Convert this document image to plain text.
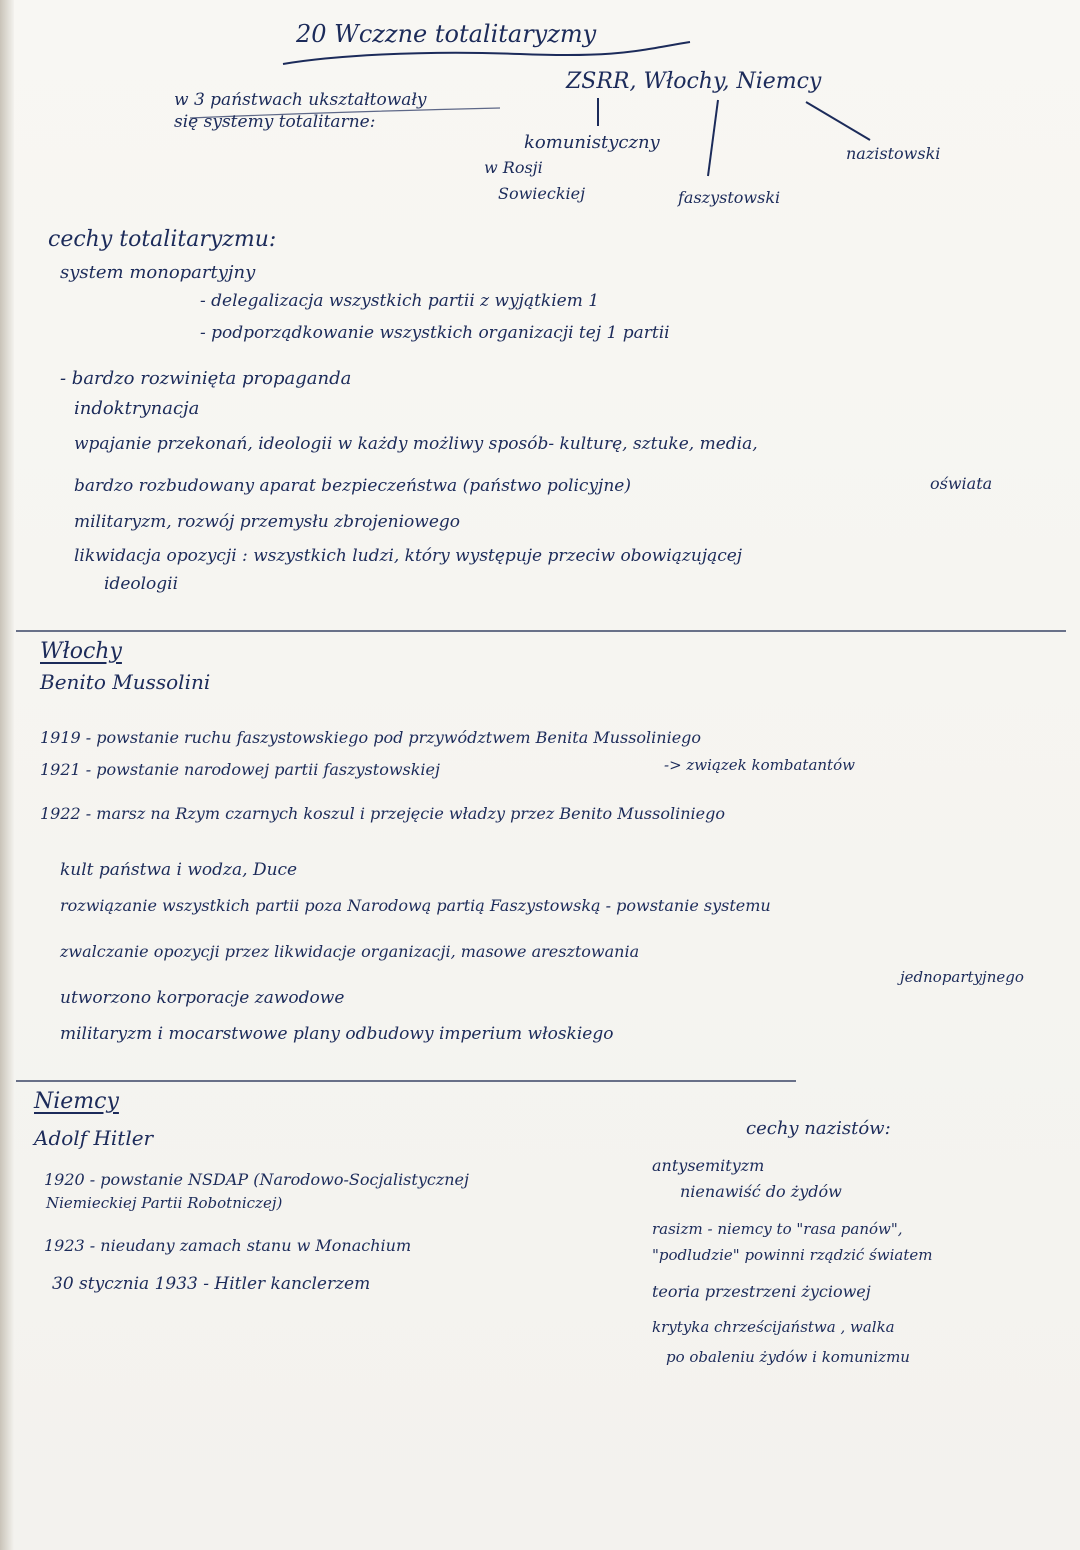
20 Wczzne totalitaryzmy
w 3 państwach ukształtowały
się systemy totalitarne:
ZSRR, Włochy, Niemcy
komunistyczny
w Rosji
Sowieckiej	faszystowski
nazistowski
cechy totalitaryzmu:
system monopartyjny
- delegalizacja wszystkich partii z wyjątkiem 1
- podporządkowanie wszystkich organizacji tej 1 partii
- bardzo rozwinięta propaganda
indoktrynacja
wpajanie przekonań, ideologii w każdy możliwy sposób- kulturę, sztuke, media,
oświata
bardzo rozbudowany aparat bezpieczeństwa (państwo policyjne)
militaryzm, rozwój przemysłu zbrojeniowego
likwidacja opozycji : wszystkich ludzi, który występuje przeciw obowiązującej
ideologii
Włochy
Benito Mussolini
1919 - powstanie ruchu faszystowskiego pod przywództwem Benita Mussoliniego
1921 - powstanie narodowej partii faszystowskiej	-> związek kombatantów
1922 - marsz na Rzym czarnych koszul i przejęcie władzy przez Benito Mussoliniego
kult państwa i wodza, Duce
rozwiązanie wszystkich partii poza Narodową partią Faszystowską - powstanie systemu
jednopartyjnego
zwalczanie opozycji przez likwidacje organizacji, masowe aresztowania
utworzono korporacje zawodowe
militaryzm i mocarstwowe plany odbudowy imperium włoskiego
Niemcy
Adolf Hitler
1920 - powstanie NSDAP (Narodowo-Socjalistycznej
Niemieckiej Partii Robotniczej)
1923 - nieudany zamach stanu w Monachium
30 stycznia 1933 - Hitler kanclerzem
cechy nazistów:
antysemityzm
nienawiść do żydów
rasizm - niemcy to "rasa panów",
"podludzie" powinni rządzić światem
teoria przestrzeni życiowej
krytyka chrześcijaństwa , walka
po obaleniu żydów i komunizmu
